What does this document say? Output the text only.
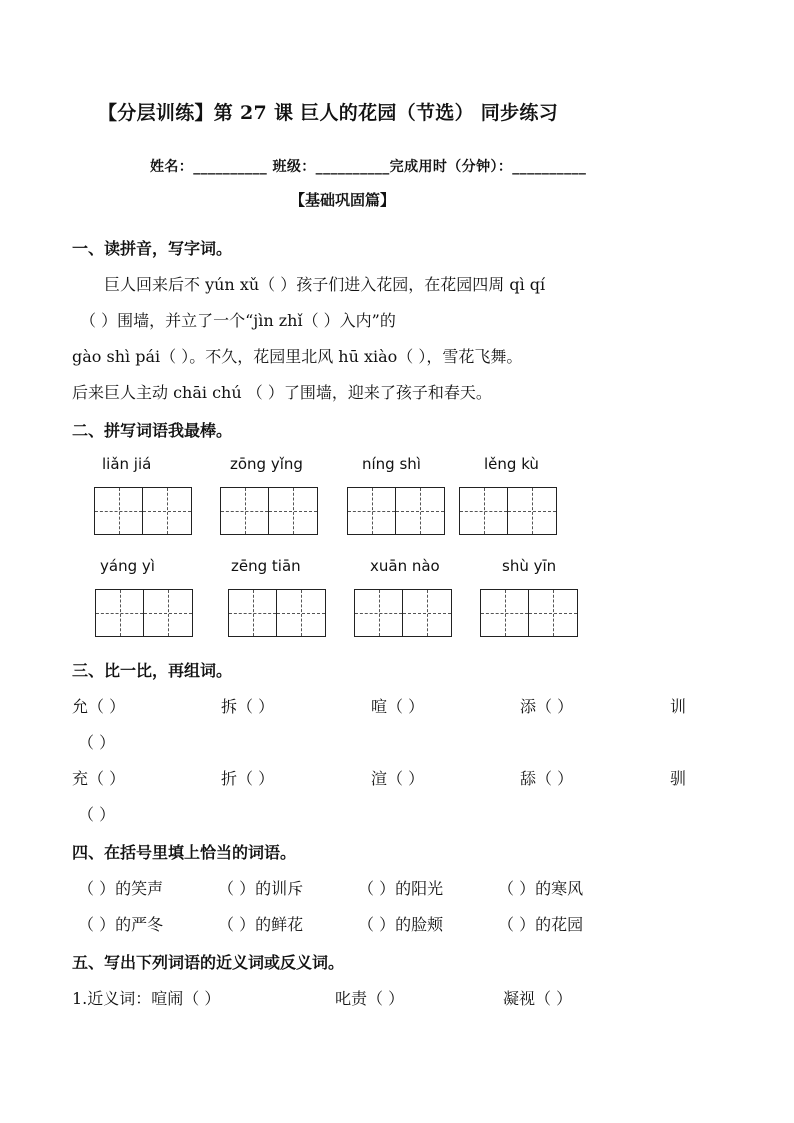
【分层训练】第 27 课 巨人的花园（节选） 同步练习
姓名：__________ 班级：__________完成用时（分钟）：__________
【基础巩固篇】
一、读拼音，写字词。
巨人回来后不 yún xǔ（ ）孩子们进入花园，在花园四周 qì qí
（ ）围墙，并立了一个“jìn zhǐ（ ）入内”的
gào shì pái（ ）。不久，花园里北风 hū xiào（ ），雪花飞舞。
后来巨人主动 chāi chú （ ）了围墙，迎来了孩子和春天。
二、拼写词语我最棒。
liǎn jiá	zōng yǐng	níng shì	lěng kù
yáng yì	zēng tiān	xuān nào	shù yīn
三、比一比，再组词。
允（ ）	拆（ ）	喧（ ）	添（ ）	训
（ ）
充（ ）	折（ ）	渲（ ）	舔（ ）	驯
（ ）
四、在括号里填上恰当的词语。
（ ）的笑声	（ ）的训斥	（ ）的阳光	（ ）的寒风
（ ）的严冬	（ ）的鲜花	（ ）的脸颊	（ ）的花园
五、写出下列词语的近义词或反义词。
1.近义词：喧闹（ ）	叱责（ ）	凝视（ ）
